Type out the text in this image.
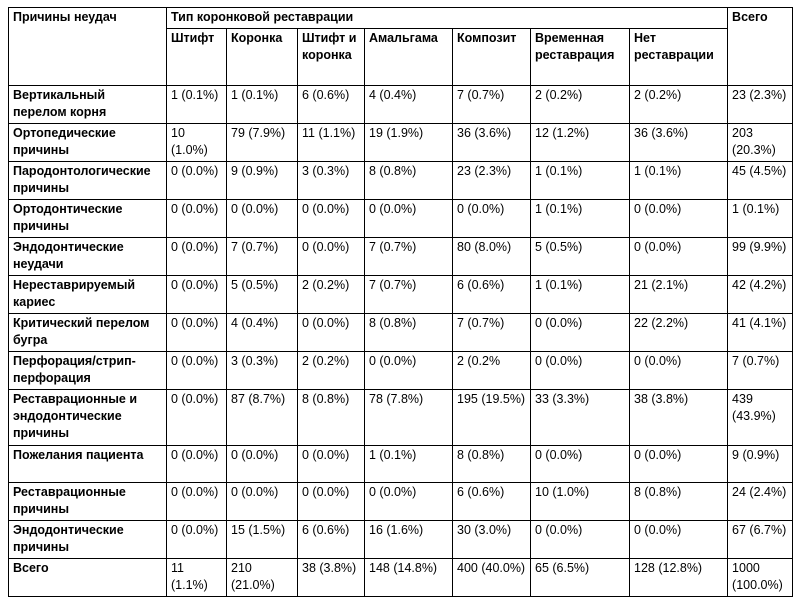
Причины неудач	Тип коронковой реставрации							Всего
	Штифт	Коронка	Штифт и коронка	Амальгама	Композит	Временная реставрация	Нет реставрации	
Вертикальный перелом корня	1 (0.1%)	1 (0.1%)	6 (0.6%)	4 (0.4%)	7 (0.7%)	2 (0.2%)	2 (0.2%)	23 (2.3%)
Ортопедические причины	10 (1.0%)	79 (7.9%)	11 (1.1%)	19 (1.9%)	36 (3.6%)	12 (1.2%)	36 (3.6%)	203 (20.3%)
Пародонтологические причины	0 (0.0%)	9 (0.9%)	3 (0.3%)	8 (0.8%)	23 (2.3%)	1 (0.1%)	1 (0.1%)	45 (4.5%)
Ортодонтические причины	0 (0.0%)	0 (0.0%)	0 (0.0%)	0 (0.0%)	0 (0.0%)	1 (0.1%)	0 (0.0%)	1 (0.1%)
Эндодонтические неудачи	0 (0.0%)	7 (0.7%)	0 (0.0%)	7 (0.7%)	80 (8.0%)	5 (0.5%)	0 (0.0%)	99 (9.9%)
Нереставрируемый кариес	0 (0.0%)	5 (0.5%)	2 (0.2%)	7 (0.7%)	6 (0.6%)	1 (0.1%)	21 (2.1%)	42 (4.2%)
Критический перелом бугра	0 (0.0%)	4 (0.4%)	0 (0.0%)	8 (0.8%)	7 (0.7%)	0 (0.0%)	22 (2.2%)	41 (4.1%)
Перфорация/стрип-перфорация	0 (0.0%)	3 (0.3%)	2 (0.2%)	0 (0.0%)	2 (0.2%	0 (0.0%)	0 (0.0%)	7 (0.7%)
Реставрационные и эндодонтические причины	0 (0.0%)	87 (8.7%)	8 (0.8%)	78 (7.8%)	195 (19.5%)	33 (3.3%)	38 (3.8%)	439 (43.9%)
Пожелания пациента	0 (0.0%)	0 (0.0%)	0 (0.0%)	1 (0.1%)	8 (0.8%)	0 (0.0%)	0 (0.0%)	9 (0.9%)
Реставрационные причины	0 (0.0%)	0 (0.0%)	0 (0.0%)	0 (0.0%)	6 (0.6%)	10 (1.0%)	8 (0.8%)	24 (2.4%)
Эндодонтические причины	0 (0.0%)	15 (1.5%)	6 (0.6%)	16 (1.6%)	30 (3.0%)	0 (0.0%)	0 (0.0%)	67 (6.7%)
Всего	11 (1.1%)	210 (21.0%)	38 (3.8%)	148 (14.8%)	400 (40.0%)	65 (6.5%)	128 (12.8%)	1000 (100.0%)
